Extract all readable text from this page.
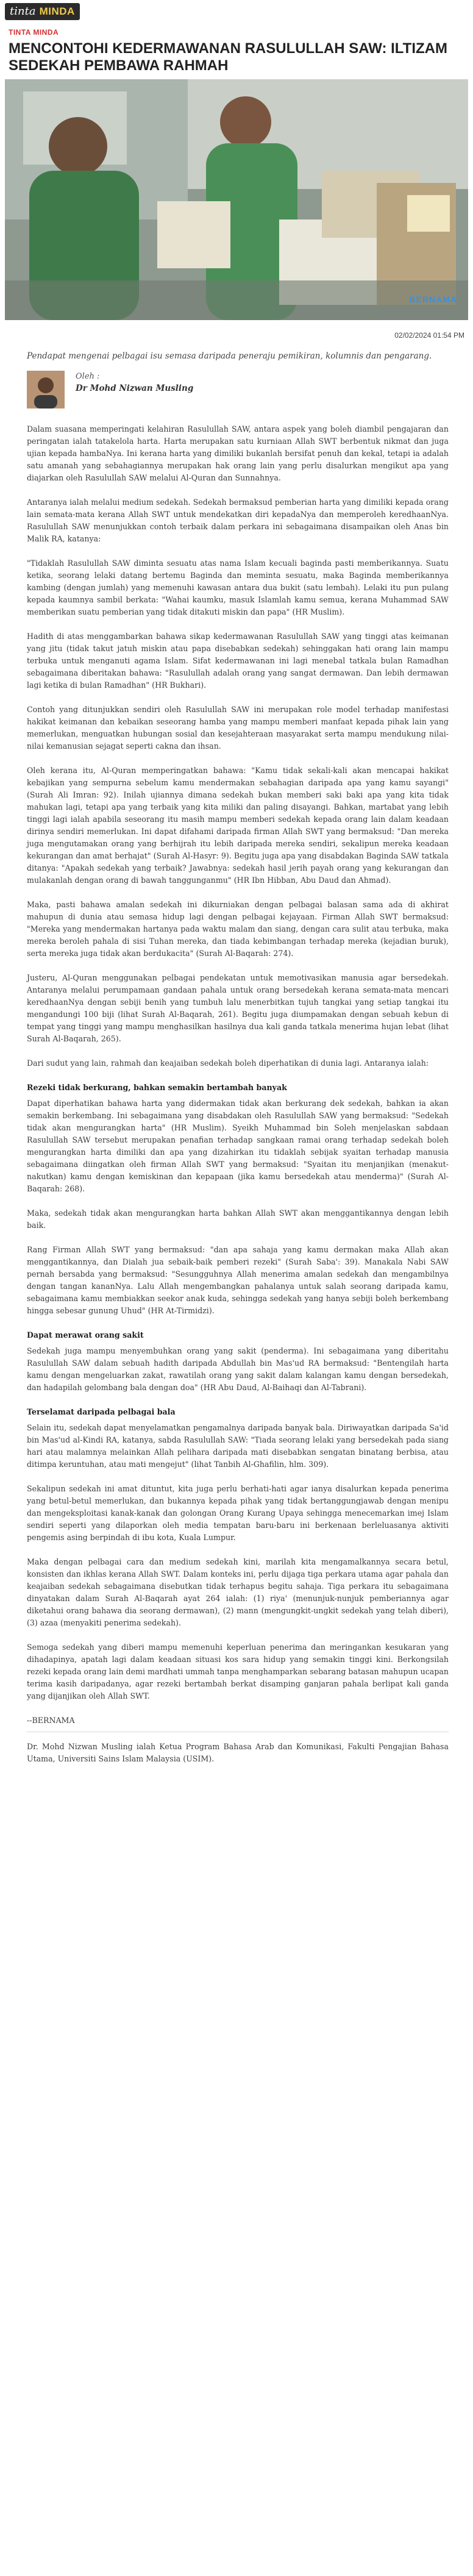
tinta MINDA
TINTA MINDA
MENCONTOHI KEDERMAWANAN RASULULLAH SAW: ILTIZAM SEDEKAH PEMBAWA RAHMAH
BERNAMA
02/02/2024 01:54 PM

Pendapat mengenai pelbagai isu semasa daripada peneraju pemikiran, kolumnis dan pengarang.

Oleh :
Dr Mohd Nizwan Musling

Dalam suasana memperingati kelahiran Rasulullah SAW, antara aspek yang boleh diambil pengajaran dan peringatan ialah tatakelola harta. Harta merupakan satu kurniaan Allah SWT berbentuk nikmat dan juga ujian kepada hambaNya. Ini kerana harta yang dimiliki bukanlah bersifat penuh dan kekal, tetapi ia adalah satu amanah yang sebahagiannya merupakan hak orang lain yang perlu disalurkan mengikut apa yang diajarkan oleh Rasulullah SAW melalui Al-Quran dan Sunnahnya.

Antaranya ialah melalui medium sedekah. Sedekah bermaksud pemberian harta yang dimiliki kepada orang lain semata-mata kerana Allah SWT untuk mendekatkan diri kepadaNya dan memperoleh keredhaanNya. Rasulullah SAW menunjukkan contoh terbaik dalam perkara ini sebagaimana disampaikan oleh Anas bin Malik RA, katanya:

"Tidaklah Rasulullah SAW diminta sesuatu atas nama Islam kecuali baginda pasti memberikannya. Suatu ketika, seorang lelaki datang bertemu Baginda dan meminta sesuatu, maka Baginda memberikannya kambing (dengan jumlah) yang memenuhi kawasan antara dua bukit (satu lembah). Lelaki itu pun pulang kepada kaumnya sambil berkata: "Wahai kaumku, masuk Islamlah kamu semua, kerana Muhammad SAW memberikan suatu pemberian yang tidak ditakuti miskin dan papa" (HR Muslim).

Hadith di atas menggambarkan bahawa sikap kedermawanan Rasulullah SAW yang tinggi atas keimanan yang jitu (tidak takut jatuh miskin atau papa disebabkan sedekah) sehinggakan hati orang lain mampu terbuka untuk menganuti agama Islam. Sifat kedermawanan ini lagi menebal tatkala bulan Ramadhan sebagaimana diberitakan bahawa: "Rasulullah adalah orang yang sangat dermawan. Dan lebih dermawan lagi ketika di bulan Ramadhan" (HR Bukhari).

Contoh yang ditunjukkan sendiri oleh Rasulullah SAW ini merupakan role model terhadap manifestasi hakikat keimanan dan kebaikan seseorang hamba yang mampu memberi manfaat kepada pihak lain yang memerlukan, menguatkan hubungan sosial dan kesejahteraan masyarakat serta mampu mendukung nilai-nilai kemanusian sejagat seperti cakna dan ihsan.

Oleh kerana itu, Al-Quran memperingatkan bahawa: "Kamu tidak sekali-kali akan mencapai hakikat kebajikan yang sempurna sebelum kamu mendermakan sebahagian daripada apa yang kamu sayangi" (Surah Ali Imran: 92). Inilah ujiannya dimana sedekah bukan memberi saki baki apa yang kita tidak mahukan lagi, tetapi apa yang terbaik yang kita miliki dan paling disayangi. Bahkan, martabat yang lebih tinggi lagi ialah apabila seseorang itu masih mampu memberi sedekah kepada orang lain dalam keadaan dirinya sendiri memerlukan. Ini dapat difahami daripada firman Allah SWT yang bermaksud: "Dan mereka juga mengutamakan orang yang berhijrah itu lebih daripada mereka sendiri, sekalipun mereka keadaan kekurangan dan amat berhajat" (Surah Al-Hasyr: 9). Begitu juga apa yang disabdakan Baginda SAW tatkala ditanya: "Apakah sedekah yang terbaik? Jawabnya: sedekah hasil jerih payah orang yang kekurangan dan mulakanlah dengan orang di bawah tanggunganmu" (HR Ibn Hibban, Abu Daud dan Ahmad).

Maka, pasti bahawa amalan sedekah ini dikurniakan dengan pelbagai balasan sama ada di akhirat mahupun di dunia atau semasa hidup lagi dengan pelbagai kejayaan. Firman Allah SWT bermaksud: "Mereka yang mendermakan hartanya pada waktu malam dan siang, dengan cara sulit atau terbuka, maka mereka beroleh pahala di sisi Tuhan mereka, dan tiada kebimbangan terhadap mereka (kejadian buruk), serta mereka juga tidak akan berdukacita" (Surah Al-Baqarah: 274).

Justeru, Al-Quran menggunakan pelbagai pendekatan untuk memotivasikan manusia agar bersedekah. Antaranya melalui perumpamaan gandaan pahala untuk orang bersedekah kerana semata-mata mencari keredhaanNya dengan sebiji benih yang tumbuh lalu menerbitkan tujuh tangkai yang setiap tangkai itu mengandungi 100 biji (lihat Surah Al-Baqarah, 261). Begitu juga diumpamakan dengan sebuah kebun di tempat yang tinggi yang mampu menghasilkan hasilnya dua kali ganda tatkala menerima hujan lebat (lihat Surah Al-Baqarah, 265).

Dari sudut yang lain, rahmah dan keajaiban sedekah boleh diperhatikan di dunia lagi. Antaranya ialah:

Rezeki tidak berkurang, bahkan semakin bertambah banyak

Dapat diperhatikan bahawa harta yang didermakan tidak akan berkurang dek sedekah, bahkan ia akan semakin berkembang. Ini sebagaimana yang disabdakan oleh Rasulullah SAW yang bermaksud: "Sedekah tidak akan mengurangkan harta" (HR Muslim). Syeikh Muhammad bin Soleh menjelaskan sabdaan Rasulullah SAW tersebut merupakan penafian terhadap sangkaan ramai orang terhadap sedekah boleh mengurangkan harta dimiliki dan apa yang dizahirkan itu tidaklah sebijak syaitan terhadap manusia sebagaimana diingatkan oleh firman Allah SWT yang bermaksud: "Syaitan itu menjanjikan (menakut-nakutkan) kamu dengan kemiskinan dan kepapaan (jika kamu bersedekah atau menderma)" (Surah Al-Baqarah: 268).

Maka, sedekah tidak akan mengurangkan harta bahkan Allah SWT akan menggantikannya dengan lebih baik.

Rang Firman Allah SWT yang bermaksud: "dan apa sahaja yang kamu dermakan maka Allah akan menggantikannya, dan Dialah jua sebaik-baik pemberi rezeki" (Surah Saba': 39). Manakala Nabi SAW pernah bersabda yang bermaksud: "Sesungguhnya Allah menerima amalan sedekah dan mengambilnya dengan tangan kananNya. Lalu Allah mengembangkan pahalanya untuk salah seorang daripada kamu, sebagaimana kamu membiakkan seekor anak kuda, sehingga sedekah yang hanya sebiji boleh berkembang hingga sebesar gunung Uhud" (HR At-Tirmidzi).

Dapat merawat orang sakit

Sedekah juga mampu menyembuhkan orang yang sakit (penderma). Ini sebagaimana yang diberitahu Rasulullah SAW dalam sebuah hadith daripada Abdullah bin Mas'ud RA bermaksud: "Bentengilah harta kamu dengan mengeluarkan zakat, rawatilah orang yang sakit dalam kalangan kamu dengan bersedekah, dan hadapilah gelombang bala dengan doa" (HR Abu Daud, Al-Baihaqi dan Al-Tabrani).

Terselamat daripada pelbagai bala

Selain itu, sedekah dapat menyelamatkan pengamalnya daripada banyak bala. Diriwayatkan daripada Sa'id bin Mas'ud al-Kindi RA, katanya, sabda Rasulullah SAW: "Tiada seorang lelaki yang bersedekah pada siang hari atau malamnya melainkan Allah pelihara daripada mati disebabkan sengatan binatang berbisa, atau ditimpa keruntuhan, atau mati mengejut" (lihat Tanbih Al-Ghafilin, hlm. 309).

Sekalipun sedekah ini amat dituntut, kita juga perlu berhati-hati agar ianya disalurkan kepada penerima yang betul-betul memerlukan, dan bukannya kepada pihak yang tidak bertanggungjawab dengan menipu dan mengeksploitasi kanak-kanak dan golongan Orang Kurang Upaya sehingga menecemarkan imej Islam sendiri seperti yang dilaporkan oleh media tempatan baru-baru ini berkenaan berleluasanya aktiviti pengemis asing berpindah di ibu kota, Kuala Lumpur.

Maka dengan pelbagai cara dan medium sedekah kini, marilah kita mengamalkannya secara betul, konsisten dan ikhlas kerana Allah SWT. Dalam konteks ini, perlu dijaga tiga perkara utama agar pahala dan keajaiban sedekah sebagaimana disebutkan tidak terhapus begitu sahaja. Tiga perkara itu sebagaimana dinyatakan dalam Surah Al-Baqarah ayat 264 ialah: (1) riya' (menunjuk-nunjuk pemberiannya agar diketahui orang bahawa dia seorang dermawan), (2) mann (mengungkit-ungkit sedekah yang telah diberi), (3) azaa (menyakiti penerima sedekah).

Semoga sedekah yang diberi mampu memenuhi keperluan penerima dan meringankan kesukaran yang dihadapinya, apatah lagi dalam keadaan situasi kos sara hidup yang semakin tinggi kini. Berkongsilah rezeki kepada orang lain demi mardhati ummah tanpa menghamparkan sebarang batasan mahupun ucapan terima kasih daripadanya, agar rezeki bertambah berkat disamping ganjaran pahala berlipat kali ganda yang dijanjikan oleh Allah SWT.

--BERNAMA

Dr. Mohd Nizwan Musling ialah Ketua Program Bahasa Arab dan Komunikasi, Fakulti Pengajian Bahasa Utama, Universiti Sains Islam Malaysia (USIM).
